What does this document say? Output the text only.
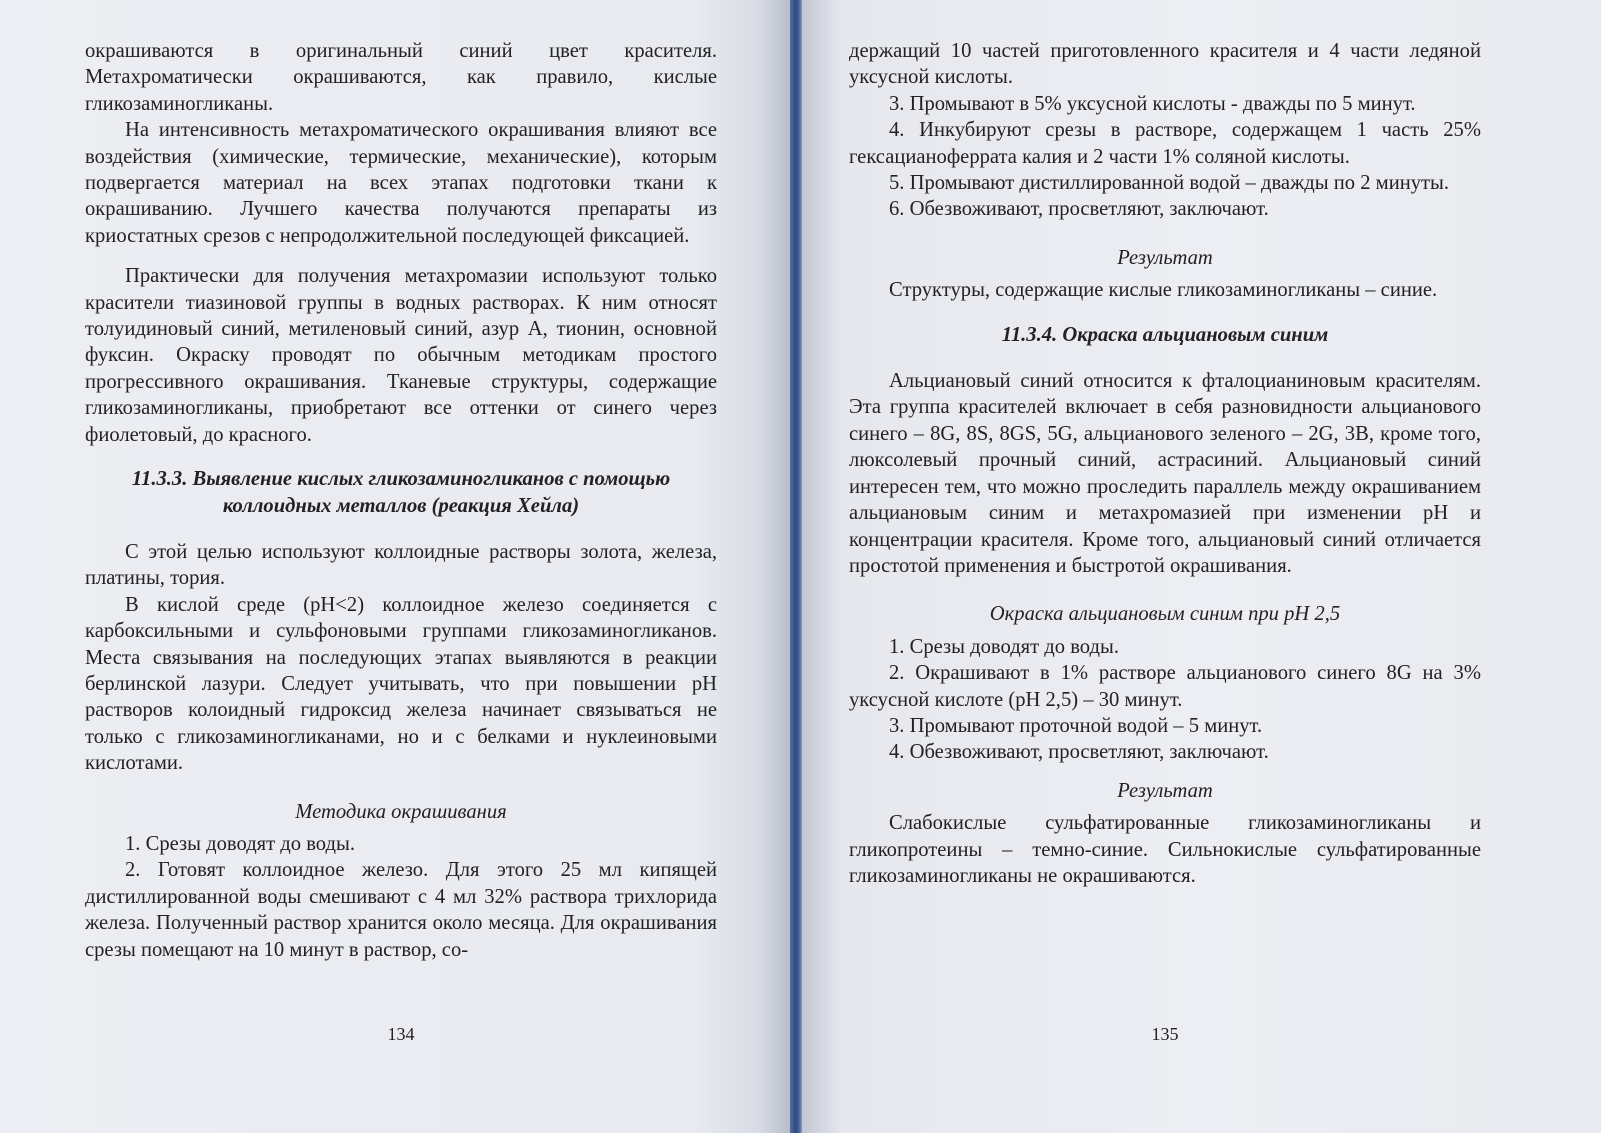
окрашиваются в оригинальный синий цвет красителя. Метахроматически окрашиваются, как правило, кислые гликозаминогликаны.

На интенсивность метахроматического окрашивания влияют все воздействия (химические, термические, механические), которым подвергается материал на всех этапах подготовки ткани к окрашиванию. Лучшего качества получаются препараты из криостатных срезов с непродолжительной последующей фиксацией.

Практически для получения метахромазии используют только красители тиазиновой группы в водных растворах. К ним относят толуидиновый синий, метиленовый синий, азур А, тионин, основной фуксин. Окраску проводят по обычным методикам простого прогрессивного окрашивания. Тканевые структуры, содержащие гликозаминогликаны, приобретают все оттенки от синего через фиолетовый, до красного.

11.3.3. Выявление кислых гликозаминогликанов с помощью
коллоидных металлов (реакция Хейла)

С этой целью используют коллоидные растворы золота, железа, платины, тория.

В кислой среде (pH<2) коллоидное железо соединяется с карбоксильными и сульфоновыми группами гликозаминогликанов. Места связывания на последующих этапах выявляются в реакции берлинской лазури. Следует учитывать, что при повышении pH растворов колоидный гидроксид железа начинает связываться не только с гликозаминогликанами, но и с белками и нуклеиновыми кислотами.

Методика окрашивания

1. Срезы доводят до воды.

2. Готовят коллоидное железо. Для этого 25 мл кипящей дистиллированной воды смешивают с 4 мл 32% раствора трихлорида железа. Полученный раствор хранится около месяца. Для окрашивания срезы помещают на 10 минут в раствор, со-

134

держащий 10 частей приготовленного красителя и 4 части ледяной уксусной кислоты.

3. Промывают в 5% уксусной кислоты - дважды по 5 минут.

4. Инкубируют срезы в растворе, содержащем 1 часть 25% гексацианоферрата калия и 2 части 1% соляной кислоты.

5. Промывают дистиллированной водой – дважды по 2 минуты.

6. Обезвоживают, просветляют, заключают.

Результат

Структуры, содержащие кислые гликозаминогликаны – синие.

11.3.4. Окраска альциановым синим

Альциановый синий относится к фталоцианиновым красителям. Эта группа красителей включает в себя разновидности альцианового синего – 8G, 8S, 8GS, 5G, альцианового зеленого – 2G, 3B, кроме того, люксолевый прочный синий, астрасиний. Альциановый синий интересен тем, что можно проследить параллель между окрашиванием альциановым синим и метахромазией при изменении pH и концентрации красителя. Кроме того, альциановый синий отличается простотой применения и быстротой окрашивания.

Окраска альциановым синим при pH 2,5

1. Срезы доводят до воды.

2. Окрашивают в 1% растворе альцианового синего 8G на 3% уксусной кислоте (pH 2,5) – 30 минут.

3. Промывают проточной водой – 5 минут.

4. Обезвоживают, просветляют, заключают.

Результат

Слабокислые сульфатированные гликозаминогликаны и гликопротеины – темно-синие. Сильнокислые сульфатированные гликозаминогликаны не окрашиваются.

135
